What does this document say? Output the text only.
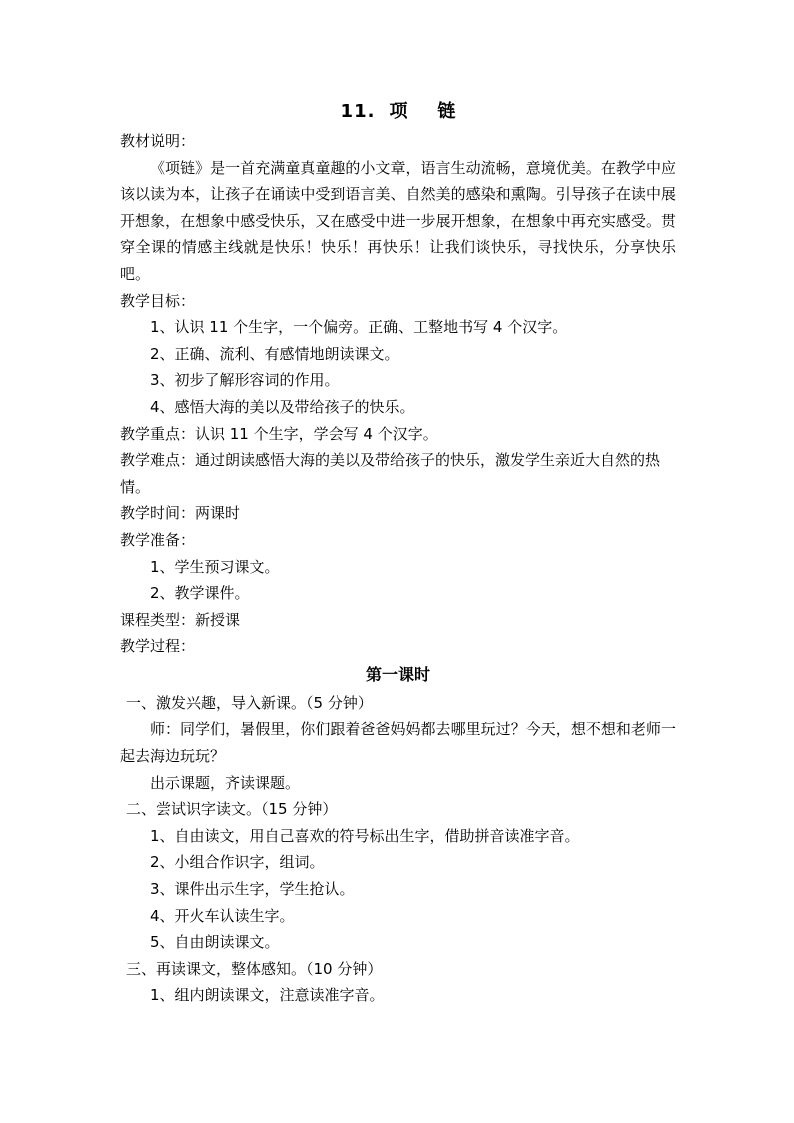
11. 项链
教材说明：
《项链》是一首充满童真童趣的小文章，语言生动流畅，意境优美。在教学中应该以读为本，让孩子在诵读中受到语言美、自然美的感染和熏陶。引导孩子在读中展开想象，在想象中感受快乐，又在感受中进一步展开想象，在想象中再充实感受。贯穿全课的情感主线就是快乐！快乐！再快乐！让我们谈快乐，寻找快乐，分享快乐吧。
教学目标：
1、认识 11 个生字，一个偏旁。正确、工整地书写 4 个汉字。
2、正确、流利、有感情地朗读课文。
3、初步了解形容词的作用。
4、感悟大海的美以及带给孩子的快乐。
教学重点：认识 11 个生字，学会写 4 个汉字。
教学难点：通过朗读感悟大海的美以及带给孩子的快乐，激发学生亲近大自然的热情。
教学时间：两课时
教学准备：
1、学生预习课文。
2、教学课件。
课程类型：新授课
教学过程：
第一课时
一、激发兴趣，导入新课。（5 分钟）
师：同学们，暑假里，你们跟着爸爸妈妈都去哪里玩过？今天，想不想和老师一起去海边玩玩？
出示课题，齐读课题。
二、尝试识字读文。（15 分钟）
1、自由读文，用自己喜欢的符号标出生字，借助拼音读准字音。
2、小组合作识字，组词。
3、课件出示生字，学生抢认。
4、开火车认读生字。
5、自由朗读课文。
三、再读课文，整体感知。（10 分钟）
1、组内朗读课文，注意读准字音。
